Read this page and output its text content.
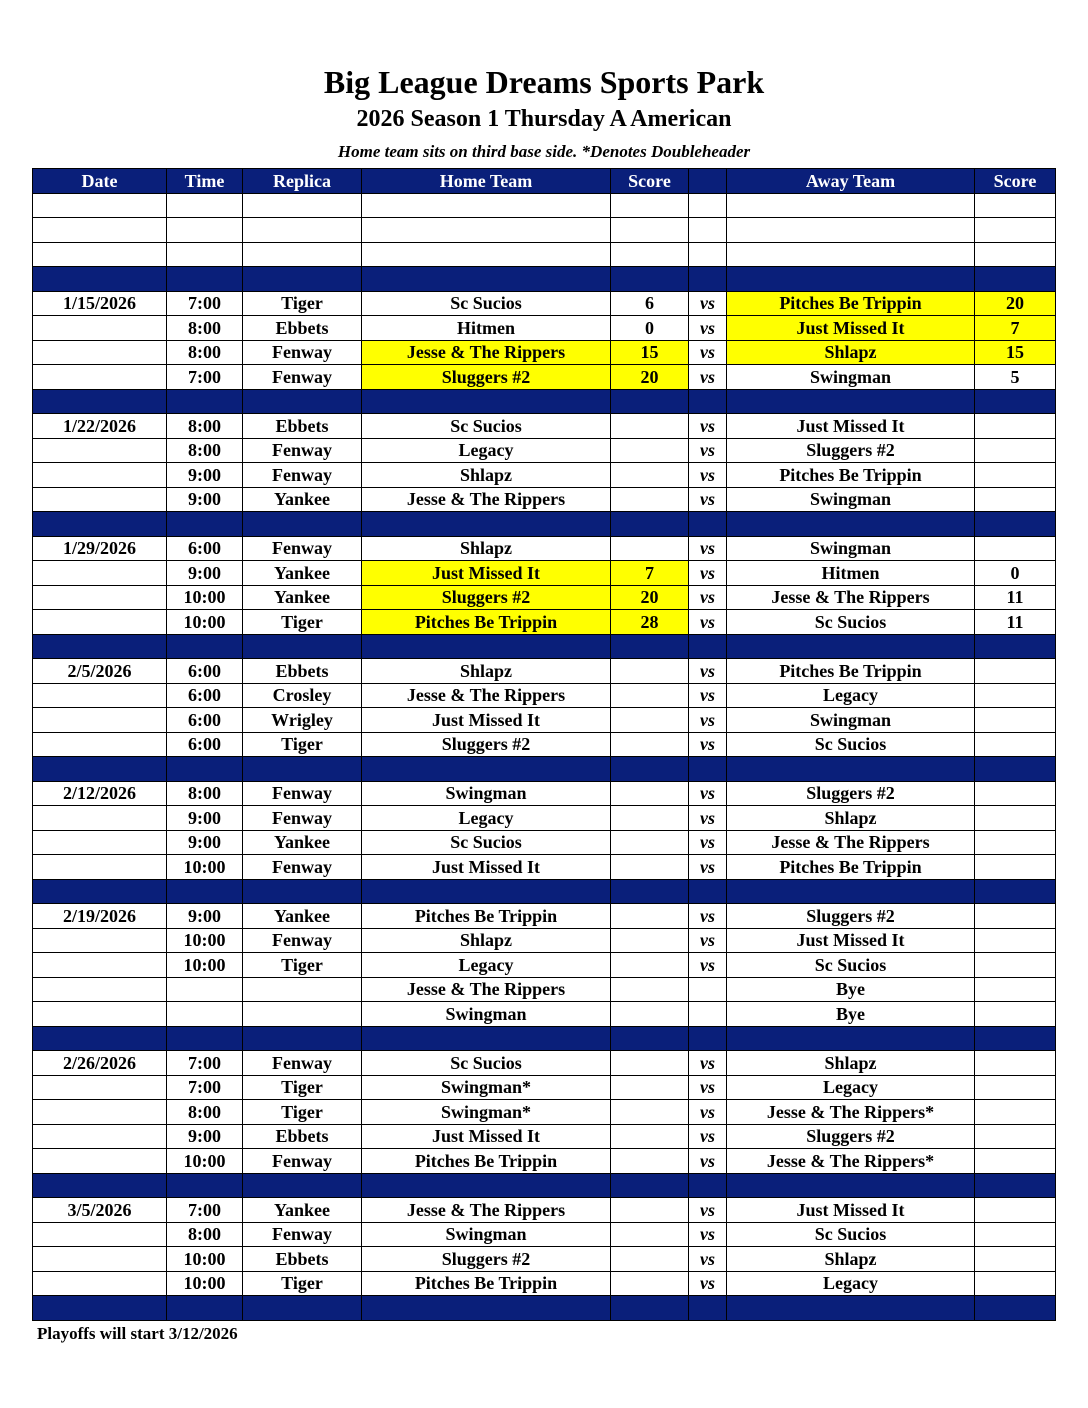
Big League Dreams Sports Park
2026 Season 1 Thursday A American
Home team sits on third base side. *Denotes Doubleheader
Date	Time	Replica	Home Team	Score		Away Team	Score

1/15/2026	7:00	Tiger	Sc Sucios	6	vs	Pitches Be Trippin	20
	8:00	Ebbets	Hitmen	0	vs	Just Missed It	7
	8:00	Fenway	Jesse & The Rippers	15	vs	Shlapz	15
	7:00	Fenway	Sluggers #2	20	vs	Swingman	5

1/22/2026	8:00	Ebbets	Sc Sucios		vs	Just Missed It	
	8:00	Fenway	Legacy		vs	Sluggers #2	
	9:00	Fenway	Shlapz		vs	Pitches Be Trippin	
	9:00	Yankee	Jesse & The Rippers		vs	Swingman	

1/29/2026	6:00	Fenway	Shlapz		vs	Swingman	
	9:00	Yankee	Just Missed It	7	vs	Hitmen	0
	10:00	Yankee	Sluggers #2	20	vs	Jesse & The Rippers	11
	10:00	Tiger	Pitches Be Trippin	28	vs	Sc Sucios	11

2/5/2026	6:00	Ebbets	Shlapz		vs	Pitches Be Trippin	
	6:00	Crosley	Jesse & The Rippers		vs	Legacy	
	6:00	Wrigley	Just Missed It		vs	Swingman	
	6:00	Tiger	Sluggers #2		vs	Sc Sucios	

2/12/2026	8:00	Fenway	Swingman		vs	Sluggers #2	
	9:00	Fenway	Legacy		vs	Shlapz	
	9:00	Yankee	Sc Sucios		vs	Jesse & The Rippers	
	10:00	Fenway	Just Missed It		vs	Pitches Be Trippin	

2/19/2026	9:00	Yankee	Pitches Be Trippin		vs	Sluggers #2	
	10:00	Fenway	Shlapz		vs	Just Missed It	
	10:00	Tiger	Legacy		vs	Sc Sucios	
			Jesse & The Rippers			Bye	
			Swingman			Bye	

2/26/2026	7:00	Fenway	Sc Sucios		vs	Shlapz	
	7:00	Tiger	Swingman*		vs	Legacy	
	8:00	Tiger	Swingman*		vs	Jesse & The Rippers*	
	9:00	Ebbets	Just Missed It		vs	Sluggers #2	
	10:00	Fenway	Pitches Be Trippin		vs	Jesse & The Rippers*	

3/5/2026	7:00	Yankee	Jesse & The Rippers		vs	Just Missed It	
	8:00	Fenway	Swingman		vs	Sc Sucios	
	10:00	Ebbets	Sluggers #2		vs	Shlapz	
	10:00	Tiger	Pitches Be Trippin		vs	Legacy	

Playoffs will start 3/12/2026
